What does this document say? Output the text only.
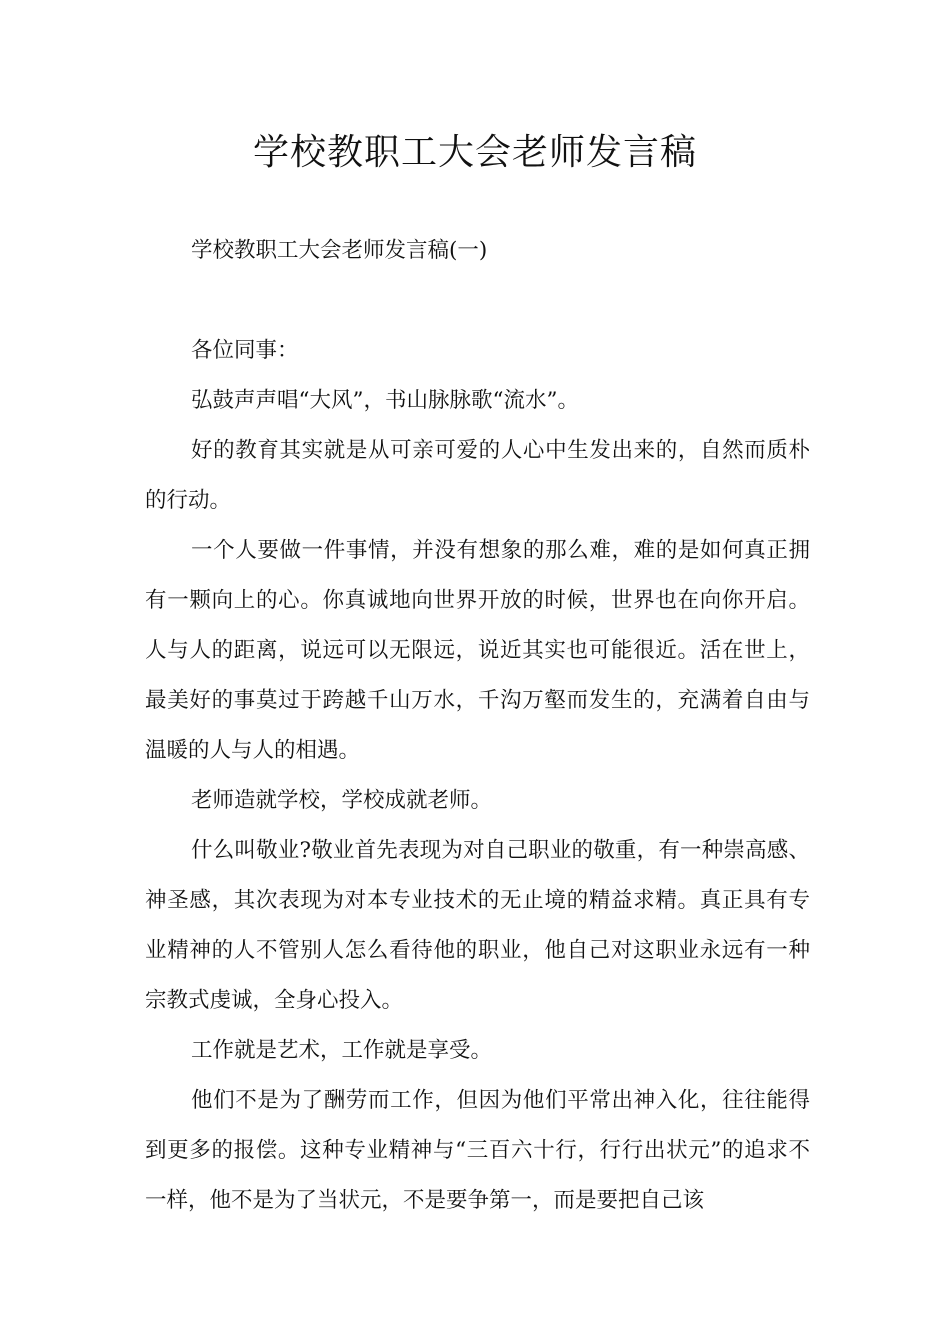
学校教职工大会老师发言稿

学校教职工大会老师发言稿(一)

各位同事：

弘鼓声声唱“大风”，书山脉脉歌“流水”。

好的教育其实就是从可亲可爱的人心中生发出来的，自然而质朴的行动。

一个人要做一件事情，并没有想象的那么难，难的是如何真正拥有一颗向上的心。你真诚地向世界开放的时候，世界也在向你开启。人与人的距离，说远可以无限远，说近其实也可能很近。活在世上，最美好的事莫过于跨越千山万水，千沟万壑而发生的，充满着自由与温暖的人与人的相遇。

老师造就学校，学校成就老师。

什么叫敬业?敬业首先表现为对自己职业的敬重，有一种崇高感、神圣感，其次表现为对本专业技术的无止境的精益求精。真正具有专业精神的人不管别人怎么看待他的职业，他自己对这职业永远有一种宗教式虔诚，全身心投入。

工作就是艺术，工作就是享受。

他们不是为了酬劳而工作，但因为他们平常出神入化，往往能得到更多的报偿。这种专业精神与“三百六十行，行行出状元”的追求不一样，他不是为了当状元，不是要争第一，而是要把自己该
